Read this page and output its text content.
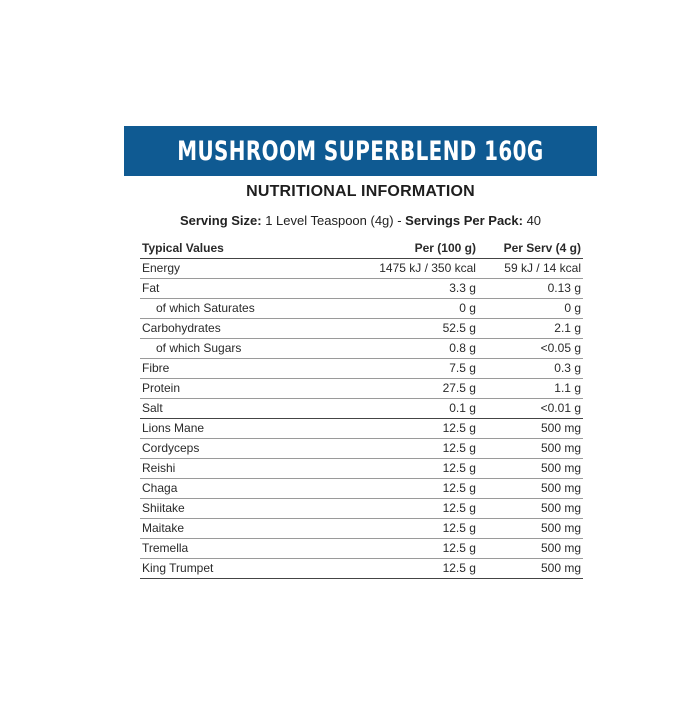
MUSHROOM SUPERBLEND 160G
NUTRITIONAL INFORMATION
Serving Size: 1 Level Teaspoon (4g) - Servings Per Pack: 40
Typical Values	Per (100 g)	Per Serv (4 g)
Energy	1475 kJ / 350 kcal	59 kJ / 14 kcal
Fat	3.3 g	0.13 g
of which Saturates	0 g	0 g
Carbohydrates	52.5 g	2.1 g
of which Sugars	0.8 g	<0.05 g
Fibre	7.5 g	0.3 g
Protein	27.5 g	1.1 g
Salt	0.1 g	<0.01 g
Lions Mane	12.5 g	500 mg
Cordyceps	12.5 g	500 mg
Reishi	12.5 g	500 mg
Chaga	12.5 g	500 mg
Shiitake	12.5 g	500 mg
Maitake	12.5 g	500 mg
Tremella	12.5 g	500 mg
King Trumpet	12.5 g	500 mg
